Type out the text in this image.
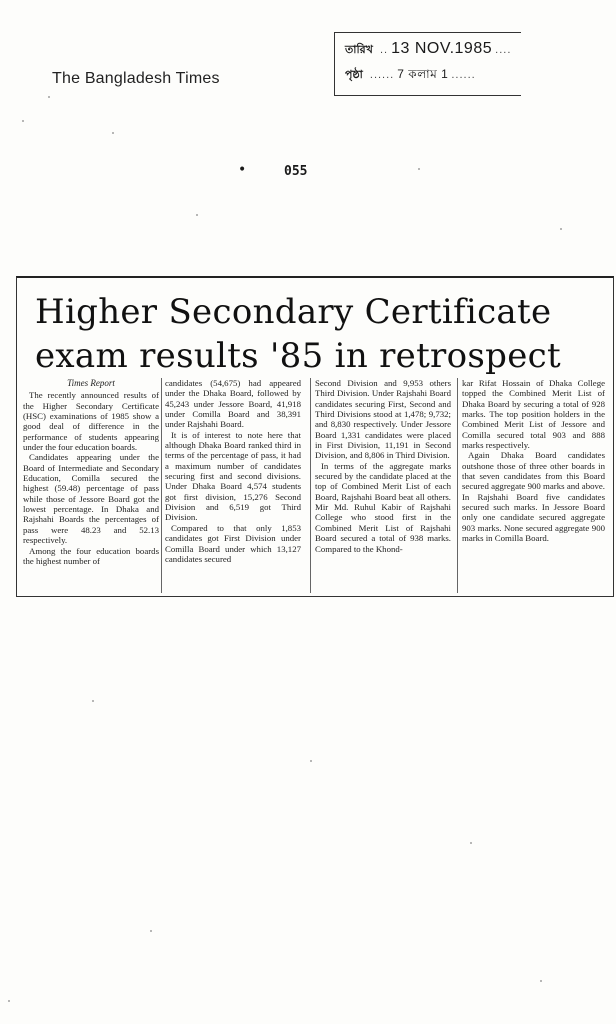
The Bangladesh Times
তারিখ .. 13 NOV.1985 ....
পৃষ্ঠা ...... 7 কলাম 1 ......
•	055
Higher Secondary Certificate
exam results '85 in retrospect

Times Report

The recently announced results of the Higher Secondary Certificate (HSC) examinations of 1985 show a good deal of difference in the performance of students appearing under the four education boards.

Candidates appearing under the Board of Intermediate and Secondary Education, Comilla secured the highest (59.48) percentage of pass while those of Jessore Board got the lowest percentage. In Dhaka and Rajshahi Boards the percentages of pass were 48.23 and 52.13 respectively.

Among the four education boards the highest number of

candidates (54,675) had appeared under the Dhaka Board, followed by 45,243 under Jessore Board, 41,918 under Comilla Board and 38,391 under Rajshahi Board.

It is of interest to note here that although Dhaka Board ranked third in terms of the percentage of pass, it had a maximum number of candidates securing first and second divisions. Under Dhaka Board 4,574 students got first division, 15,276 Second Division and 6,519 got Third Division.

Compared to that only 1,853 candidates got First Division under Comilla Board under which 13,127 candidates secured

Second Division and 9,953 others Third Division. Under Rajshahi Board candidates securing First, Second and Third Divisions stood at 1,478; 9,732; and 8,830 respectively. Under Jessore Board 1,331 candidates were placed in First Division, 11,191 in Second Division, and 8,806 in Third Division.

In terms of the aggregate marks secured by the candidate placed at the top of Combined Merit List of each Board, Rajshahi Board beat all others. Mir Md. Ruhul Kabir of Rajshahi College who stood first in the Combined Merit List of Rajshahi Board secured a total of 938 marks. Compared to the Khond-

kar Rifat Hossain of Dhaka College topped the Combined Merit List of Dhaka Board by securing a total of 928 marks. The top position holders in the Combined Merit List of Jessore and Comilla secured total 903 and 888 marks respectively.

Again Dhaka Board candidates outshone those of three other boards in that seven candidates from this Board secured aggregate 900 marks and above. In Rajshahi Board five candidates secured such marks. In Jessore Board only one candidate secured aggregate 903 marks. None secured aggregate 900 marks in Comilla Board.
